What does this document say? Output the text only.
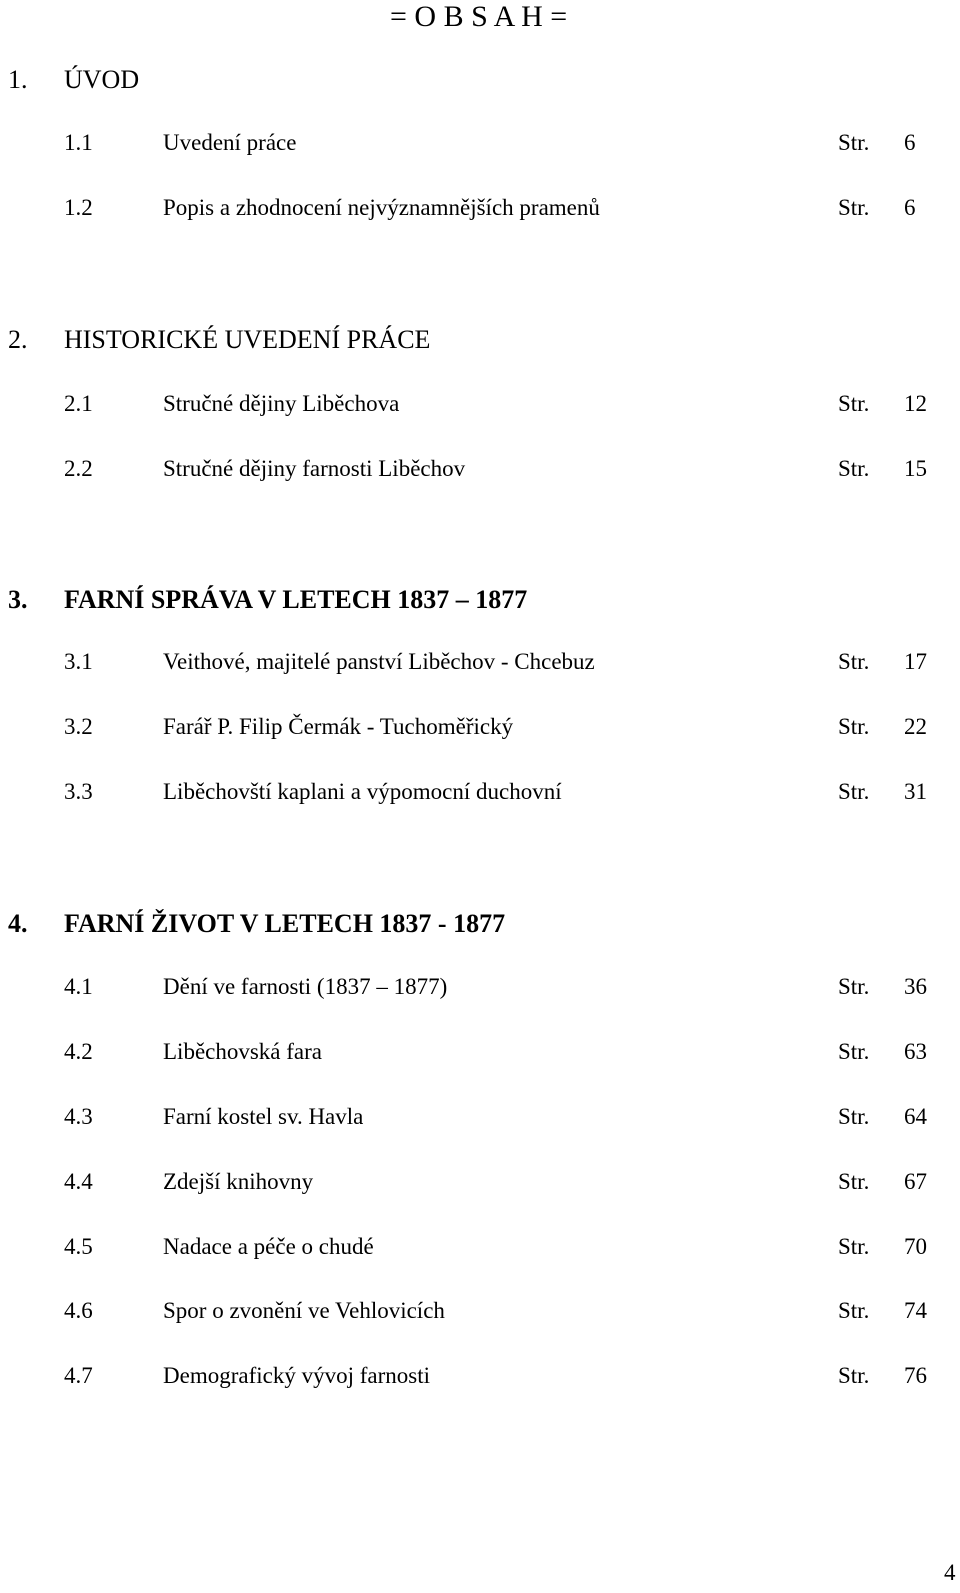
= O B S A H =
1. ÚVOD
1.1	Uvedení práce	Str. 6
1.2	Popis a zhodnocení nejvýznamnějších pramenů	Str. 6
2. HISTORICKÉ UVEDENÍ PRÁCE
2.1	Stručné dějiny Liběchova	Str. 12
2.2	Stručné dějiny farnosti Liběchov	Str. 15
3. FARNÍ SPRÁVA V LETECH 1837 – 1877
3.1	Veithové, majitelé panství Liběchov - Chcebuz	Str. 17
3.2	Farář P. Filip Čermák - Tuchoměřický	Str. 22
3.3	Liběchovští kaplani a výpomocní duchovní	Str. 31
4. FARNÍ ŽIVOT V LETECH 1837 - 1877
4.1	Dění ve farnosti (1837 – 1877)	Str. 36
4.2	Liběchovská fara	Str. 63
4.3	Farní kostel sv. Havla	Str. 64
4.4	Zdejší knihovny	Str. 67
4.5	Nadace a péče o chudé	Str. 70
4.6	Spor o zvonění ve Vehlovicích	Str. 74
4.7	Demografický vývoj farnosti	Str. 76
4
